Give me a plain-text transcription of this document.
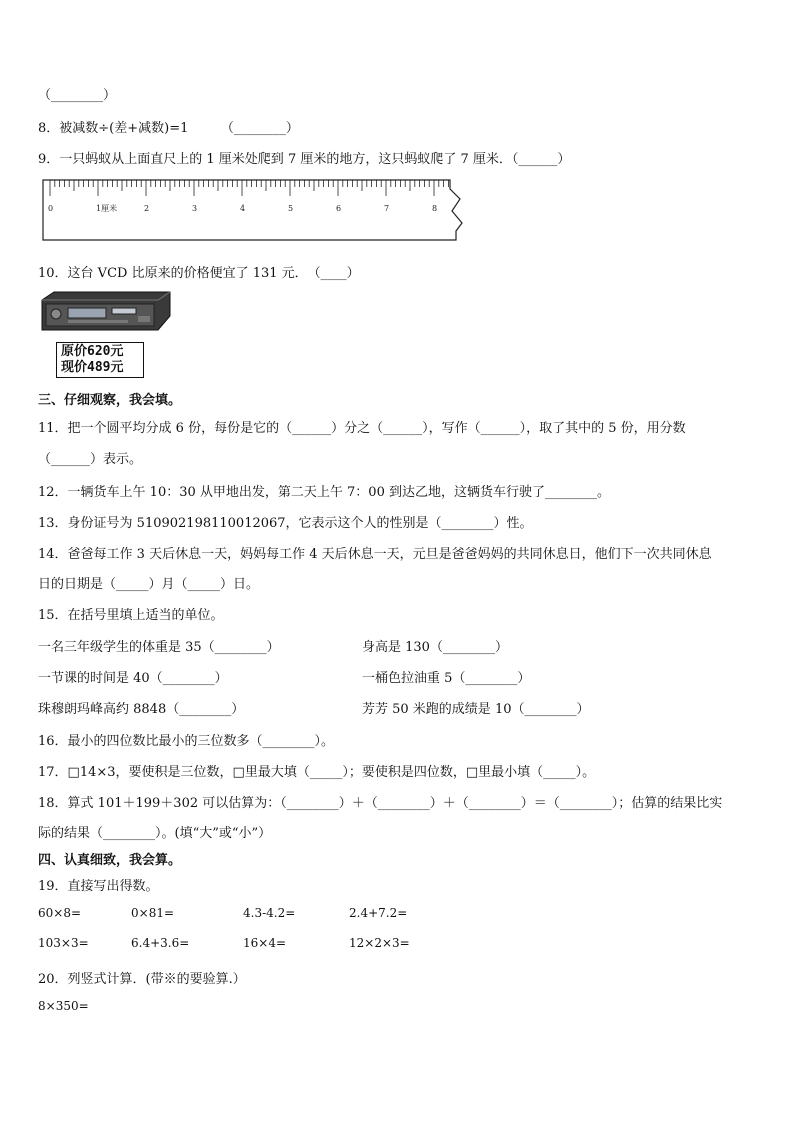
（________）
8．被减数÷(差+减数)=1　　　（________）
9．一只蚂蚁从上面直尺上的 1 厘米处爬到 7 厘米的地方，这只蚂蚁爬了 7 厘米．（______）
0	1厘米	2	3	4	5	6	7	8
10．这台 VCD 比原来的价格便宜了 131 元．　（____）
原价620元
现价489元
三、仔细观察，我会填。
11．把一个圆平均分成 6 份，每份是它的（______）分之（______），写作（______），取了其中的 5 份，用分数
（______）表示。
12．一辆货车上午 10：30 从甲地出发，第二天上午 7：00 到达乙地，这辆货车行驶了________。
13．身份证号为 510902198110012067，它表示这个人的性别是（________）性。
14．爸爸每工作 3 天后休息一天，妈妈每工作 4 天后休息一天，元旦是爸爸妈妈的共同休息日，他们下一次共同休息
日的日期是（_____）月（_____）日。
15．在括号里填上适当的单位。
一名三年级学生的体重是 35（________）	身高是 130（________）
一节课的时间是 40（________）	一桶色拉油重 5（________）
珠穆朗玛峰高约 8848（________）	芳芳 50 米跑的成绩是 10（________）
16．最小的四位数比最小的三位数多（________）。
17．□14×3，要使积是三位数，□里最大填（_____）；要使积是四位数，□里最小填（_____）。
18．算式 101＋199＋302 可以估算为：（________）＋（________）＋（________）＝（________）；估算的结果比实
际的结果（________）。(填“大”或“小”）
四、认真细致，我会算。
19．直接写出得数。
60×8=	0×81=	4.3-4.2=	2.4+7.2=
103×3=	6.4+3.6=	16×4=	12×2×3=
20．列竖式计算．(带※的要验算.）
8×350=
